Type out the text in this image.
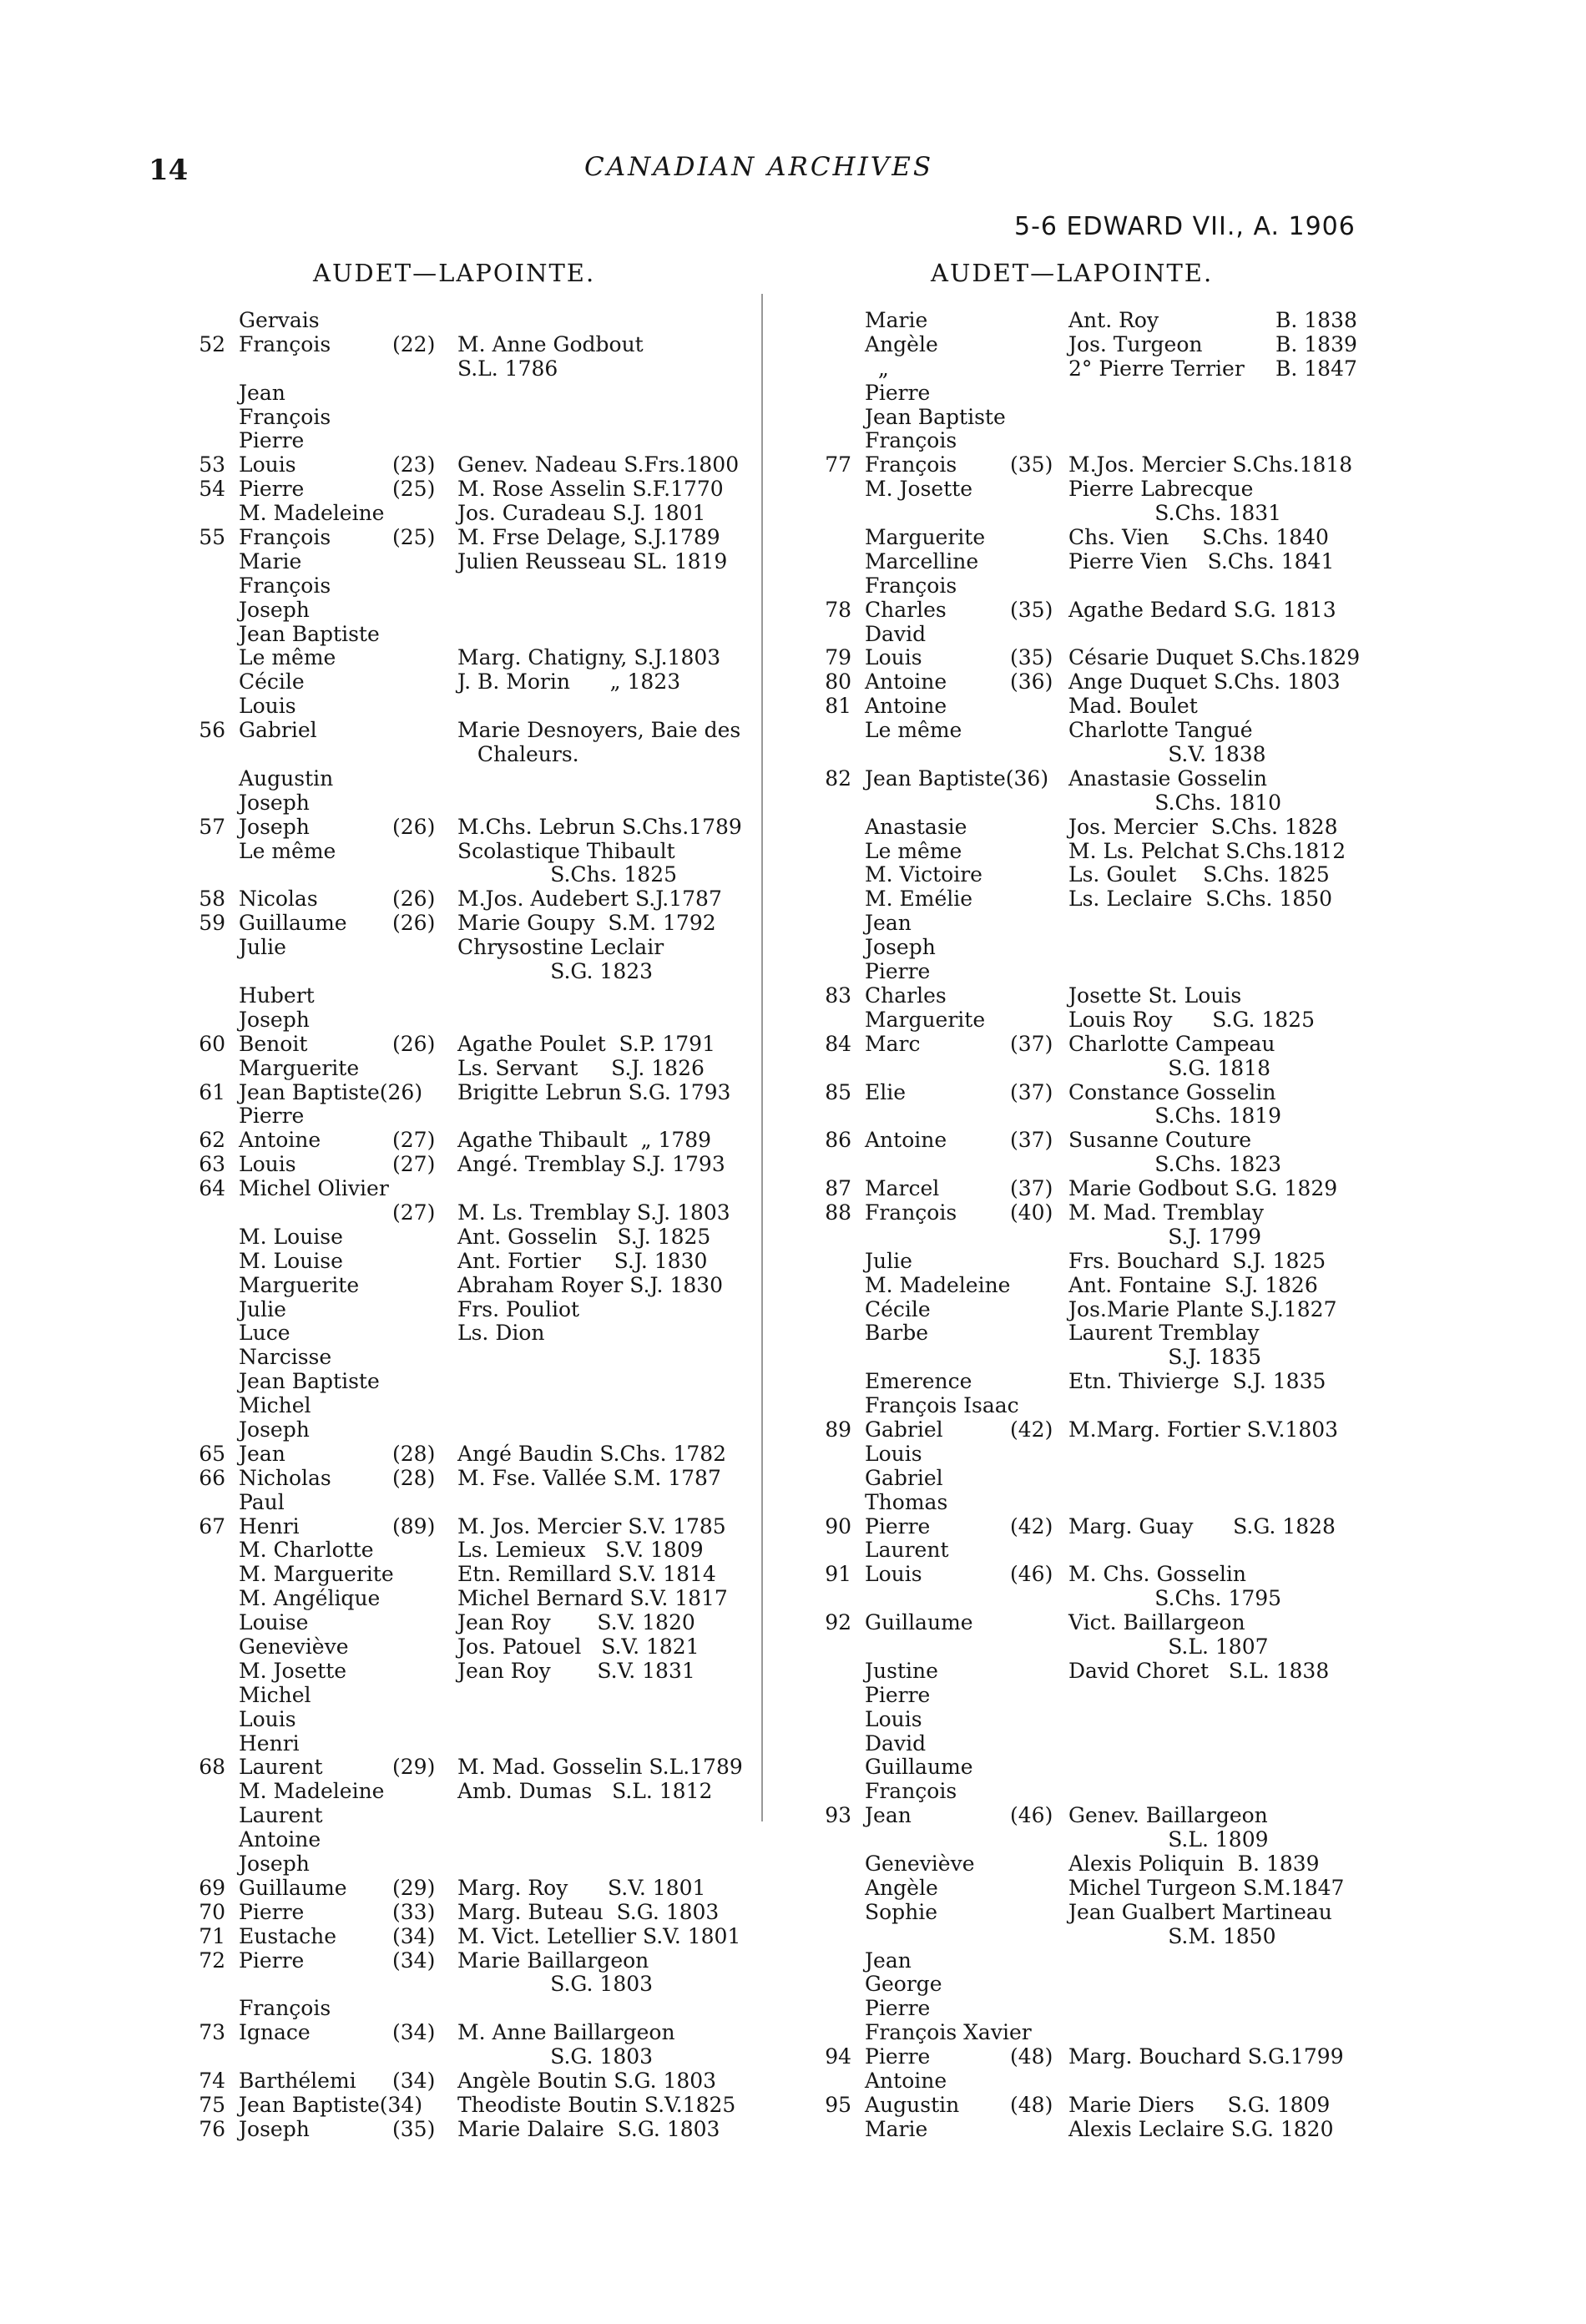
14	CANADIAN ARCHIVES
5-6 EDWARD VII., A. 1906
AUDET—LAPOINTE.	AUDET—LAPOINTE.
Gervais
52 François	(22) M. Anne Godbout
S.L. 1786
Jean
François
Pierre
53 Louis	(23) Genev. Nadeau S.Frs.1800
54 Pierre	(25) M. Rose Asselin S.F.1770
M. Madeleine	Jos. Curadeau S.J. 1801
55 François	(25) M. Frse Delage, S.J.1789
Marie	Julien Reusseau SL. 1819
François
Joseph
Jean Baptiste
Le même	Marg. Chatigny, S.J.1803
Cécile	J. B. Morin      „ 1823
Louis
56 Gabriel	Marie Desnoyers, Baie des
Chaleurs.
Augustin
Joseph
57 Joseph	(26) M.Chs. Lebrun S.Chs.1789
Le même	Scolastique Thibault
S.Chs. 1825
58 Nicolas	(26) M.Jos. Audebert S.J.1787
59 Guillaume (26) Marie Goupy  S.M. 1792
Julie	Chrysostine Leclair
S.G. 1823
Hubert
Joseph
60 Benoit	(26) Agathe Poulet  S.P. 1791
Marguerite	Ls. Servant     S.J. 1826
61 Jean Baptiste(26) Brigitte Lebrun S.G. 1793
Pierre
62 Antoine	(27) Agathe Thibault  „ 1789
63 Louis	(27) Angé. Tremblay S.J. 1793
64 Michel Olivier
(27) M. Ls. Tremblay S.J. 1803
M. Louise	Ant. Gosselin   S.J. 1825
M. Louise	Ant. Fortier     S.J. 1830
Marguerite	Abraham Royer S.J. 1830
Julie	Frs. Pouliot
Luce	Ls. Dion
Narcisse
Jean Baptiste
Michel
Joseph
65 Jean	(28) Angé Baudin S.Chs. 1782
66 Nicholas	(28) M. Fse. Vallée S.M. 1787
Paul
67 Henri	(89) M. Jos. Mercier S.V. 1785
M. Charlotte	Ls. Lemieux   S.V. 1809
M. Marguerite	Etn. Remillard S.V. 1814
M. Angélique	Michel Bernard S.V. 1817
Louise	Jean Roy       S.V. 1820
Geneviève	Jos. Patouel   S.V. 1821
M. Josette	Jean Roy       S.V. 1831
Michel
Louis
Henri
68 Laurent	(29) M. Mad. Gosselin S.L.1789
M. Madeleine	Amb. Dumas   S.L. 1812
Laurent
Antoine
Joseph
69 Guillaume (29) Marg. Roy      S.V. 1801
70 Pierre	(33) Marg. Buteau  S.G. 1803
71 Eustache	(34) M. Vict. Letellier S.V. 1801
72 Pierre	(34) Marie Baillargeon
S.G. 1803
François
73 Ignace	(34) M. Anne Baillargeon
S.G. 1803
74 Barthélemi (34) Angèle Boutin S.G. 1803
75 Jean Baptiste(34) Theodiste Boutin S.V.1825
76 Joseph	(35) Marie Dalaire  S.G. 1803
Marie	Ant. Roy	B. 1838
Angèle	Jos. Turgeon	B. 1839
„	2° Pierre Terrier B. 1847
Pierre
Jean Baptiste
François
77 François	(35) M.Jos. Mercier S.Chs.1818
M. Josette	Pierre Labrecque
S.Chs. 1831
Marguerite	Chs. Vien     S.Chs. 1840
Marcelline	Pierre Vien   S.Chs. 1841
François
78 Charles	(35) Agathe Bedard S.G. 1813
David
79 Louis	(35) Césarie Duquet S.Chs.1829
80 Antoine	(36) Ange Duquet S.Chs. 1803
81 Antoine	Mad. Boulet
Le même	Charlotte Tangué
S.V. 1838
82 Jean Baptiste(36) Anastasie Gosselin
S.Chs. 1810
Anastasie	Jos. Mercier  S.Chs. 1828
Le même	M. Ls. Pelchat S.Chs.1812
M. Victoire	Ls. Goulet    S.Chs. 1825
M. Emélie	Ls. Leclaire  S.Chs. 1850
Jean
Joseph
Pierre
83 Charles	Josette St. Louis
Marguerite	Louis Roy      S.G. 1825
84 Marc	(37) Charlotte Campeau
S.G. 1818
85 Elie	(37) Constance Gosselin
S.Chs. 1819
86 Antoine	(37) Susanne Couture
S.Chs. 1823
87 Marcel	(37) Marie Godbout S.G. 1829
88 François	(40) M. Mad. Tremblay
S.J. 1799
Julie	Frs. Bouchard  S.J. 1825
M. Madeleine	Ant. Fontaine  S.J. 1826
Cécile	Jos.Marie Plante S.J.1827
Barbe	Laurent Tremblay
S.J. 1835
Emerence	Etn. Thivierge  S.J. 1835
François Isaac
89 Gabriel	(42) M.Marg. Fortier S.V.1803
Louis
Gabriel
Thomas
90 Pierre	(42) Marg. Guay      S.G. 1828
Laurent
91 Louis	(46) M. Chs. Gosselin
S.Chs. 1795
92 Guillaume	Vict. Baillargeon
S.L. 1807
Justine	David Choret   S.L. 1838
Pierre
Louis
David
Guillaume
François
93 Jean	(46) Genev. Baillargeon
S.L. 1809
Geneviève	Alexis Poliquin  B. 1839
Angèle	Michel Turgeon S.M.1847
Sophie	Jean Gualbert Martineau
S.M. 1850
Jean
George
Pierre
François Xavier
94 Pierre	(48) Marg. Bouchard S.G.1799
Antoine
95 Augustin (48) Marie Diers     S.G. 1809
Marie	Alexis Leclaire S.G. 1820
